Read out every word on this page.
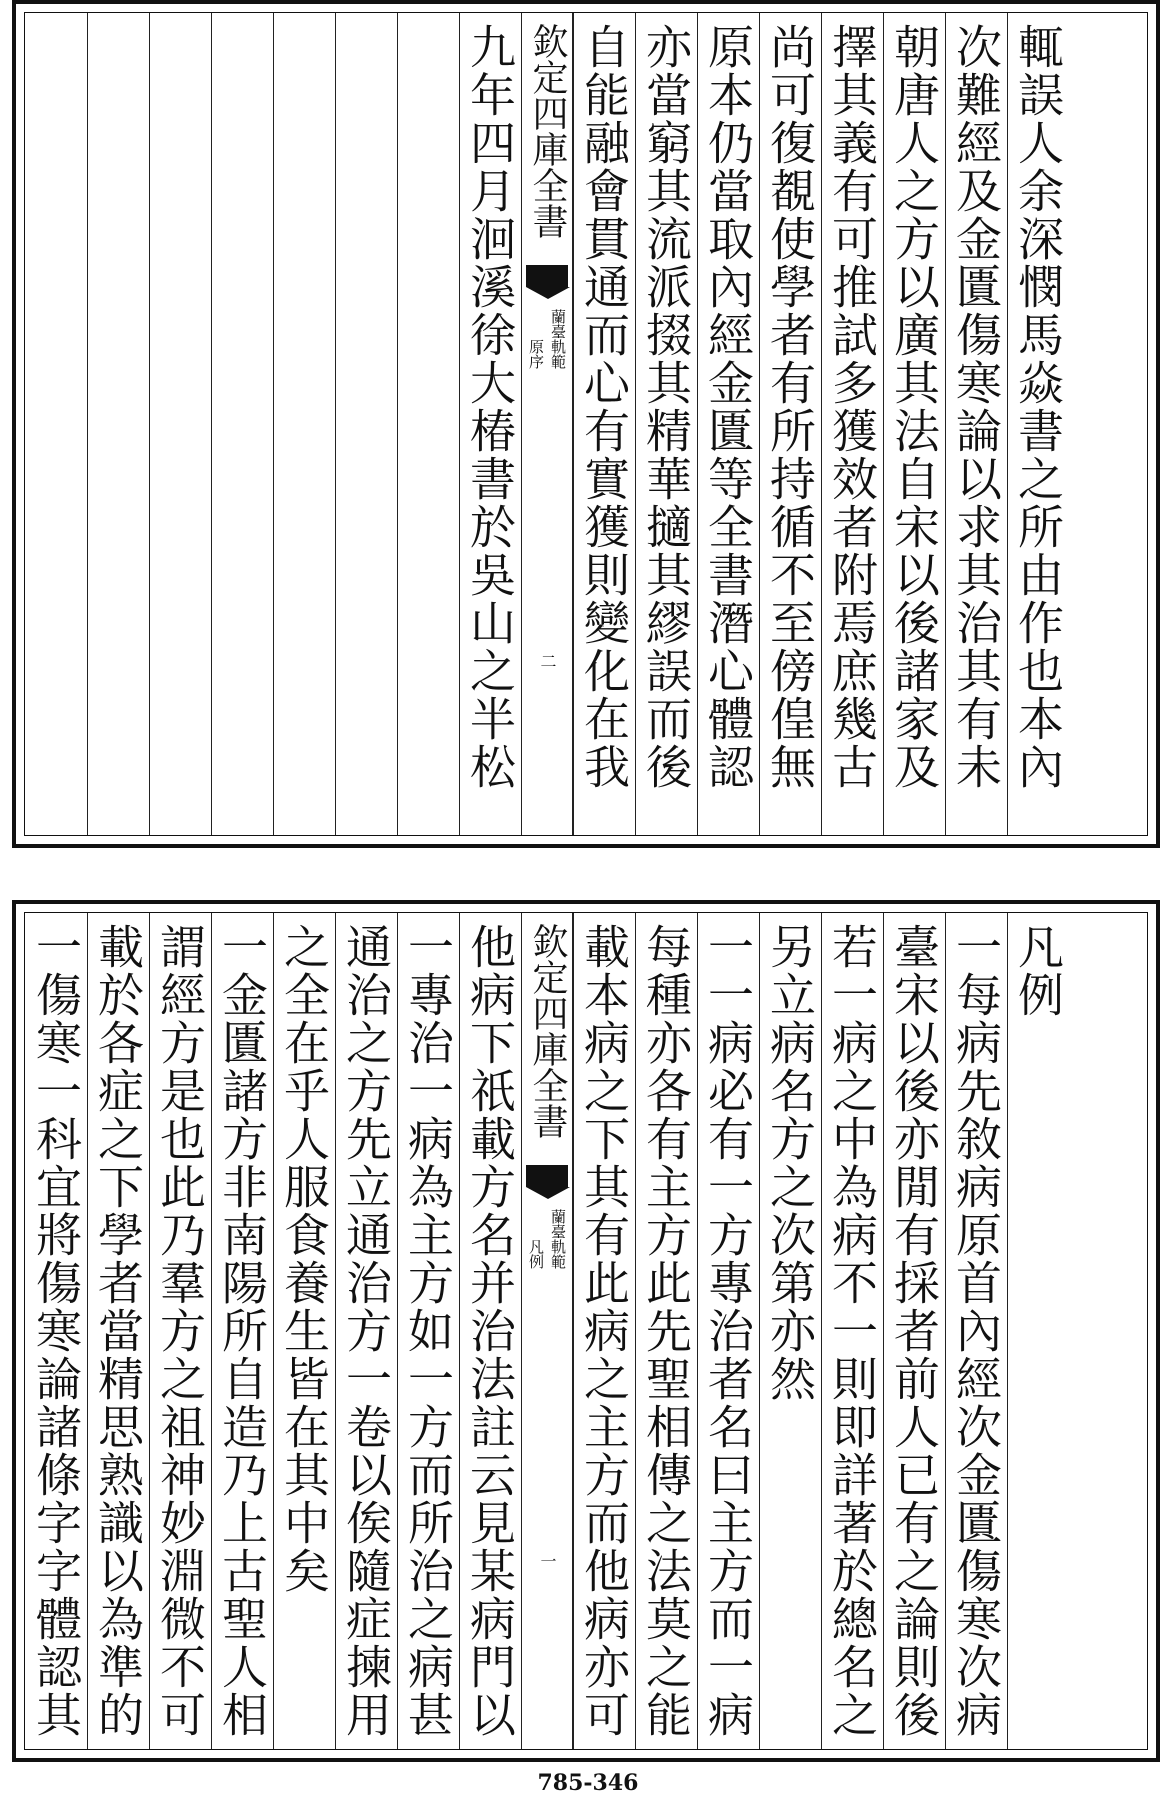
九年四月洄溪徐大椿書於吳山之半松
欽定四庫全書
蘭臺軌範
原序
二
自能融會貫通而心有實獲則變化在我
亦當窮其流派掇其精華擿其繆誤而後
原本仍當取內經金匱等全書潛心體認
尚可復覩使學者有所持循不至傍偟無
擇其義有可推試多獲效者附焉庶幾古
朝唐人之方以廣其法自宋以後諸家及
次難經及金匱傷寒論以求其治其有未
輒誤人余深憫馬焱書之所由作也本內
一傷寒一科宜將傷寒論諸條字字體認其 載於各症之下學者當精思熟識以為準的 謂經方是也此乃羣方之祖神妙淵微不可
一金匱諸方非南陽所自造乃上古聖人相
之全在乎人服食養生皆在其中矣 通治之方先立通治方一卷以俟隨症揀用
一專治一病為主方如一方而所治之病甚
他病下祇載方名并治法註云見某病門以
欽定四庫全書
蘭臺軌範
凡例
一
載本病之下其有此病之主方而他病亦可
每種亦各有主方此先聖相傳之法莫之能
一一病必有一方專治者名曰主方而一病
另立病名方之次第亦然 若一病之中為病不一則即詳著於總名之
臺宋以後亦閒有採者前人已有之論則後
一每病先敘病原首內經次金匱傷寒次病
凡例
785-346
